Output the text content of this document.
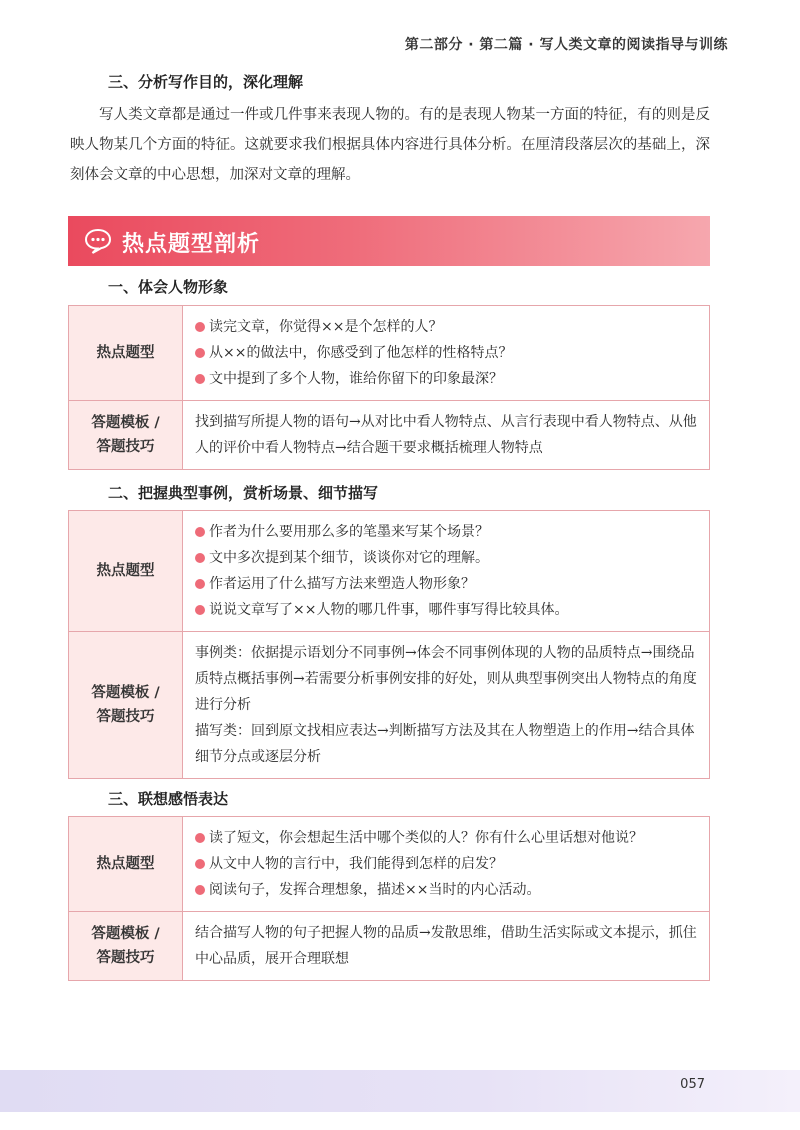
第二部分 · 第二篇 · 写人类文章的阅读指导与训练
三、分析写作目的，深化理解
写人类文章都是通过一件或几件事来表现人物的。有的是表现人物某一方面的特征，有的则是反映人物某几个方面的特征。这就要求我们根据具体内容进行具体分析。在厘清段落层次的基础上，深刻体会文章的中心思想，加深对文章的理解。
热点题型剖析
一、体会人物形象
热点题型	读完文章，你觉得××是个怎样的人？
从××的做法中，你感受到了他怎样的性格特点？
文中提到了多个人物，谁给你留下的印象最深？

答题模板 /
答题技巧	找到描写所提人物的语句→从对比中看人物特点、从言行表现中看人物特点、从他人的评价中看人物特点→结合题干要求概括梳理人物特点
二、把握典型事例，赏析场景、细节描写
热点题型	作者为什么要用那么多的笔墨来写某个场景？
文中多次提到某个细节，谈谈你对它的理解。
作者运用了什么描写方法来塑造人物形象？
说说文章写了××人物的哪几件事，哪件事写得比较具体。

答题模板 /
答题技巧	事例类：依据提示语划分不同事例→体会不同事例体现的人物的品质特点→围绕品质特点概括事例→若需要分析事例安排的好处，则从典型事例突出人物特点的角度进行分析
描写类：回到原文找相应表达→判断描写方法及其在人物塑造上的作用→结合具体细节分点或逐层分析
三、联想感悟表达
热点题型	读了短文，你会想起生活中哪个类似的人？你有什么心里话想对他说？
从文中人物的言行中，我们能得到怎样的启发？
阅读句子，发挥合理想象，描述××当时的内心活动。

答题模板 /
答题技巧	结合描写人物的句子把握人物的品质→发散思维，借助生活实际或文本提示，抓住中心品质，展开合理联想
057
